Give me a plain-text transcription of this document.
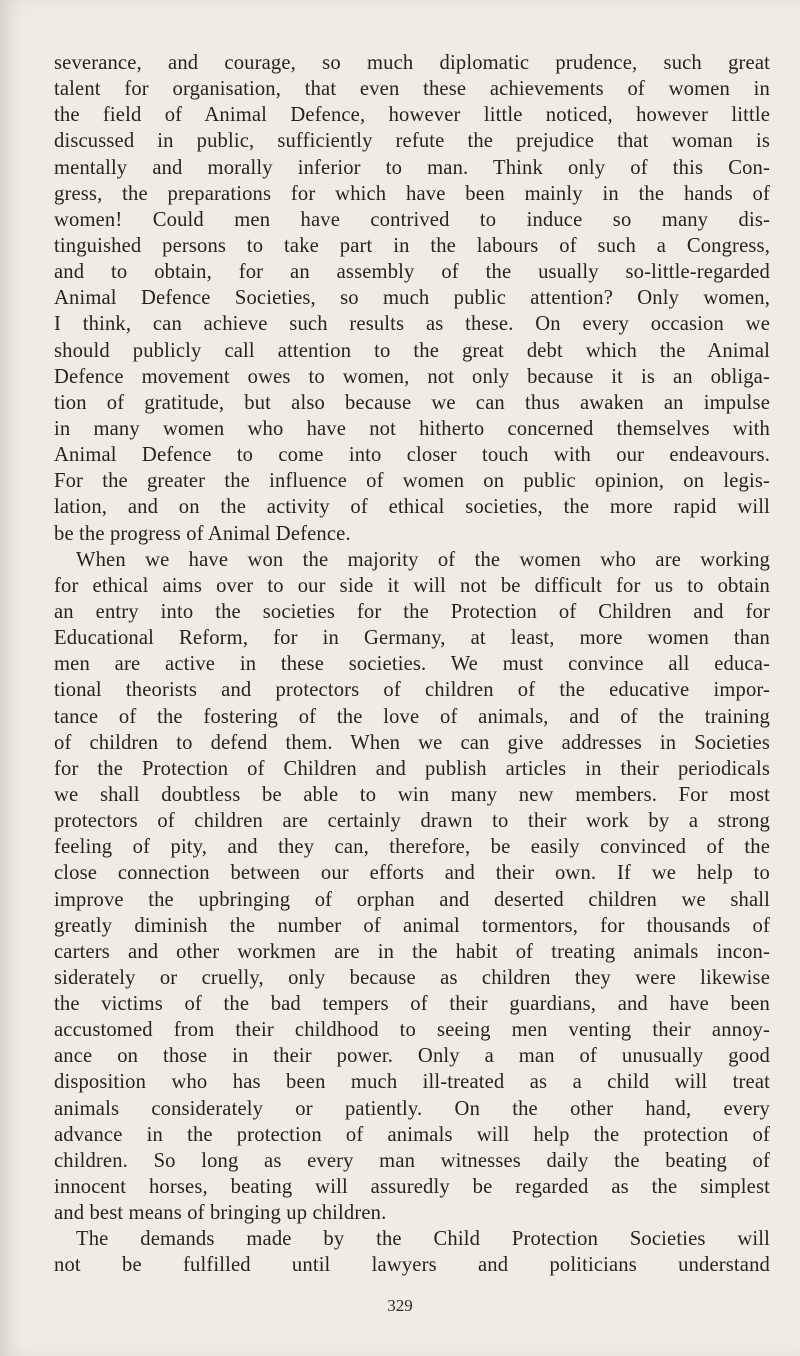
severance, and courage, so much diplomatic prudence, such great
talent for organisation, that even these achievements of women in
the field of Animal Defence, however little noticed, however little
discussed in public, sufficiently refute the prejudice that woman is
mentally and morally inferior to man. Think only of this Con-
gress, the preparations for which have been mainly in the hands of
women! Could men have contrived to induce so many dis-
tinguished persons to take part in the labours of such a Congress,
and to obtain, for an assembly of the usually so-little-regarded
Animal Defence Societies, so much public attention? Only women,
I think, can achieve such results as these. On every occasion we
should publicly call attention to the great debt which the Animal
Defence movement owes to women, not only because it is an obliga-
tion of gratitude, but also because we can thus awaken an impulse
in many women who have not hitherto concerned themselves with
Animal Defence to come into closer touch with our endeavours.
For the greater the influence of women on public opinion, on legis-
lation, and on the activity of ethical societies, the more rapid will
be the progress of Animal Defence.
When we have won the majority of the women who are working
for ethical aims over to our side it will not be difficult for us to obtain
an entry into the societies for the Protection of Children and for
Educational Reform, for in Germany, at least, more women than
men are active in these societies. We must convince all educa-
tional theorists and protectors of children of the educative impor-
tance of the fostering of the love of animals, and of the training
of children to defend them. When we can give addresses in Societies
for the Protection of Children and publish articles in their periodicals
we shall doubtless be able to win many new members. For most
protectors of children are certainly drawn to their work by a strong
feeling of pity, and they can, therefore, be easily convinced of the
close connection between our efforts and their own. If we help to
improve the upbringing of orphan and deserted children we shall
greatly diminish the number of animal tormentors, for thousands of
carters and other workmen are in the habit of treating animals incon-
siderately or cruelly, only because as children they were likewise
the victims of the bad tempers of their guardians, and have been
accustomed from their childhood to seeing men venting their annoy-
ance on those in their power. Only a man of unusually good
disposition who has been much ill-treated as a child will treat
animals considerately or patiently. On the other hand, every
advance in the protection of animals will help the protection of
children. So long as every man witnesses daily the beating of
innocent horses, beating will assuredly be regarded as the simplest
and best means of bringing up children.
The demands made by the Child Protection Societies will
not be fulfilled until lawyers and politicians understand
329
